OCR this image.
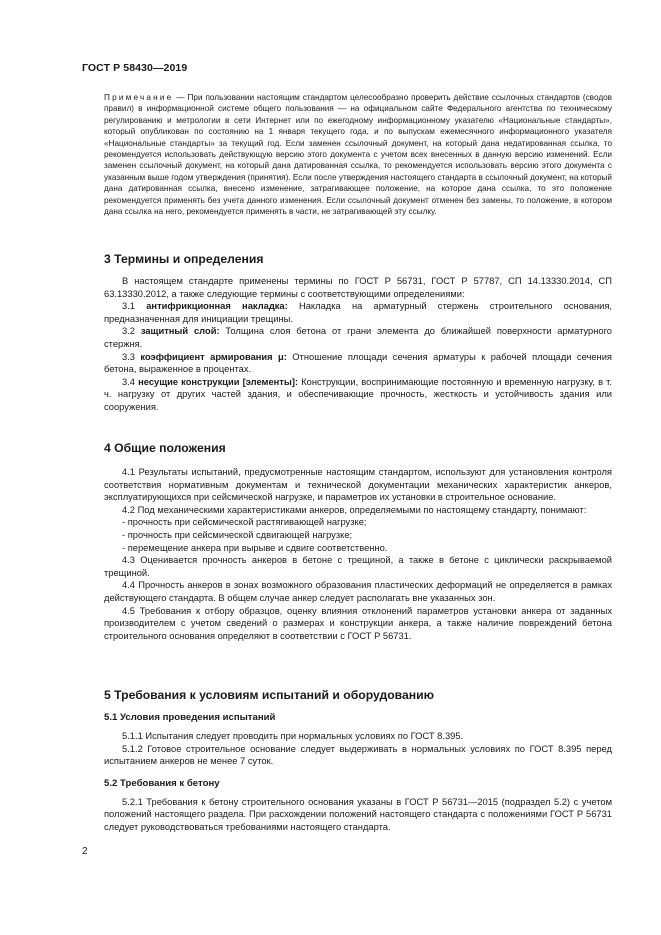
ГОСТ Р 58430—2019
Примечание — При пользовании настоящим стандартом целесообразно проверить действие ссылочных стандартов (сводов правил) в информационной системе общего пользования — на официальном сайте Федерального агентства по техническому регулированию и метрологии в сети Интернет или по ежегодному информационному указателю «Национальные стандарты», который опубликован по состоянию на 1 января текущего года, и по выпускам ежемесячного информационного указателя «Национальные стандарты» за текущий год. Если заменен ссылочный документ, на который дана недатированная ссылка, то рекомендуется использовать действующую версию этого документа с учетом всех внесенных в данную версию изменений. Если заменен ссылочный документ, на который дана датированная ссылка, то рекомендуется использовать версию этого документа с указанным выше годом утверждения (принятия). Если после утверждения настоящего стандарта в ссылочный документ, на который дана датированная ссылка, внесено изменение, затрагивающее положение, на которое дана ссылка, то это положение рекомендуется применять без учета данного изменения. Если ссылочный документ отменен без замены, то положение, в котором дана ссылка на него, рекомендуется применять в части, не затрагивающей эту ссылку.
3 Термины и определения

В настоящем стандарте применены термины по ГОСТ Р 56731, ГОСТ Р 57787, СП 14.13330.2014, СП 63.13330.2012, а также следующие термины с соответствующими определениями:

3.1 антифрикционная накладка: Накладка на арматурный стержень строительного основания, предназначенная для инициации трещины.

3.2 защитный слой: Толщина слоя бетона от грани элемента до ближайшей поверхности арматурного стержня.

3.3 коэффициент армирования μ: Отношение площади сечения арматуры к рабочей площади сечения бетона, выраженное в процентах.

3.4 несущие конструкции [элементы]: Конструкции, воспринимающие постоянную и временную нагрузку, в т. ч. нагрузку от других частей здания, и обеспечивающие прочность, жесткость и устойчивость здания или сооружения.

4 Общие положения

4.1 Результаты испытаний, предусмотренные настоящим стандартом, используют для установления контроля соответствия нормативным документам и технической документации механических характеристик анкеров, эксплуатирующихся при сейсмической нагрузке, и параметров их установки в строительное основание.

4.2 Под механическими характеристиками анкеров, определяемыми по настоящему стандарту, понимают:

- прочность при сейсмической растягивающей нагрузке;

- прочность при сейсмической сдвигающей нагрузке;

- перемещение анкера при вырыве и сдвиге соответственно.

4.3 Оценивается прочность анкеров в бетоне с трещиной, а также в бетоне с циклически раскрываемой трещиной.

4.4 Прочность анкеров в зонах возможного образования пластических деформаций не определяется в рамках действующего стандарта. В общем случае анкер следует располагать вне указанных зон.

4.5 Требования к отбору образцов, оценку влияния отклонений параметров установки анкера от заданных производителем с учетом сведений о размерах и конструкции анкера, а также наличие повреждений бетона строительного основания определяют в соответствии с ГОСТ Р 56731.

5 Требования к условиям испытаний и оборудованию
5.1 Условия проведения испытаний

5.1.1 Испытания следует проводить при нормальных условиях по ГОСТ 8.395.

5.1.2 Готовое строительное основание следует выдерживать в нормальных условиях по ГОСТ 8.395 перед испытанием анкеров не менее 7 суток.

5.2 Требования к бетону

5.2.1 Требования к бетону строительного основания указаны в ГОСТ Р 56731—2015 (подраздел 5.2) с учетом положений настоящего раздела. При расхождении положений настоящего стандарта с положениями ГОСТ Р 56731 следует руководствоваться требованиями настоящего стандарта.

2
